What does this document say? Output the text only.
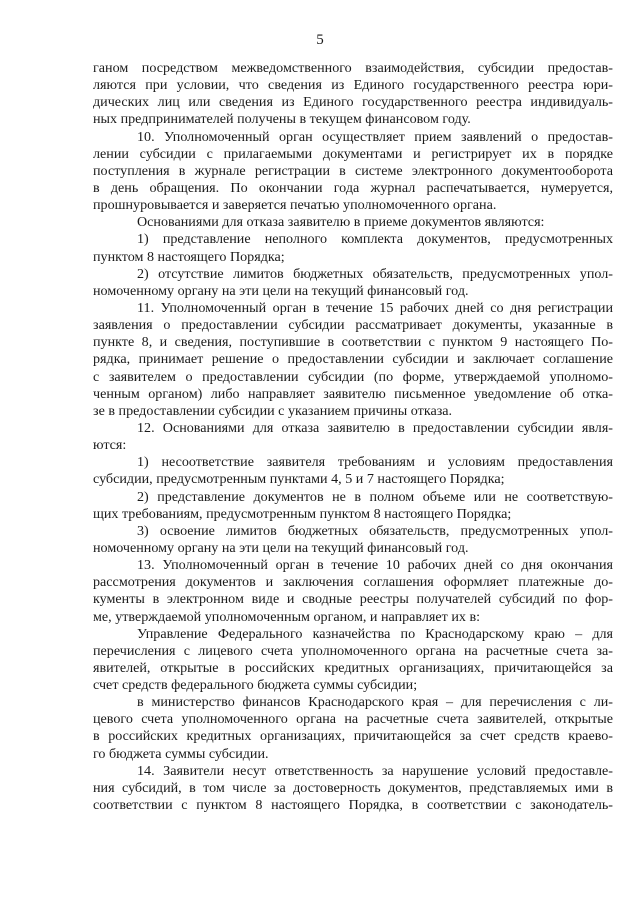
5
ганом посредством межведомственного взаимодействия, субсидии предостав-
ляются при условии, что сведения из Единого государственного реестра юри-
дических лиц или сведения из Единого государственного реестра индивидуаль-
ных предпринимателей получены в текущем финансовом году.
10. Уполномоченный орган осуществляет прием заявлений о предостав-
лении субсидии с прилагаемыми документами и регистрирует их в порядке
поступления в журнале регистрации в системе электронного документооборота
в день обращения. По окончании года журнал распечатывается, нумеруется,
прошнуровывается и заверяется печатью уполномоченного органа.
Основаниями для отказа заявителю в приеме документов являются:
1) представление неполного комплекта документов, предусмотренных
пунктом 8 настоящего Порядка;
2) отсутствие лимитов бюджетных обязательств, предусмотренных упол-
номоченному органу на эти цели на текущий финансовый год.
11. Уполномоченный орган в течение 15 рабочих дней со дня регистрации
заявления о предоставлении субсидии рассматривает документы, указанные в
пункте 8, и сведения, поступившие в соответствии с пунктом 9 настоящего По-
рядка, принимает решение о предоставлении субсидии и заключает соглашение
с заявителем о предоставлении субсидии (по форме, утверждаемой уполномо-
ченным органом) либо направляет заявителю письменное уведомление об отка-
зе в предоставлении субсидии с указанием причины отказа.
12. Основаниями для отказа заявителю в предоставлении субсидии явля-
ются:
1) несоответствие заявителя требованиям и условиям предоставления
субсидии, предусмотренным пунктами 4, 5 и 7 настоящего Порядка;
2) представление документов не в полном объеме или не соответствую-
щих требованиям, предусмотренным пунктом 8 настоящего Порядка;
3) освоение лимитов бюджетных обязательств, предусмотренных упол-
номоченному органу на эти цели на текущий финансовый год.
13. Уполномоченный орган в течение 10 рабочих дней со дня окончания
рассмотрения документов и заключения соглашения оформляет платежные до-
кументы в электронном виде и сводные реестры получателей субсидий по фор-
ме, утверждаемой уполномоченным органом, и направляет их в:
Управление Федерального казначейства по Краснодарскому краю – для
перечисления с лицевого счета уполномоченного органа на расчетные счета за-
явителей, открытые в российских кредитных организациях, причитающейся за
счет средств федерального бюджета суммы субсидии;
в министерство финансов Краснодарского края – для перечисления с ли-
цевого счета уполномоченного органа на расчетные счета заявителей, открытые
в российских кредитных организациях, причитающейся за счет средств краево-
го бюджета суммы субсидии.
14. Заявители несут ответственность за нарушение условий предоставле-
ния субсидий, в том числе за достоверность документов, представляемых ими в
соответствии с пунктом 8 настоящего Порядка, в соответствии с законодатель-
